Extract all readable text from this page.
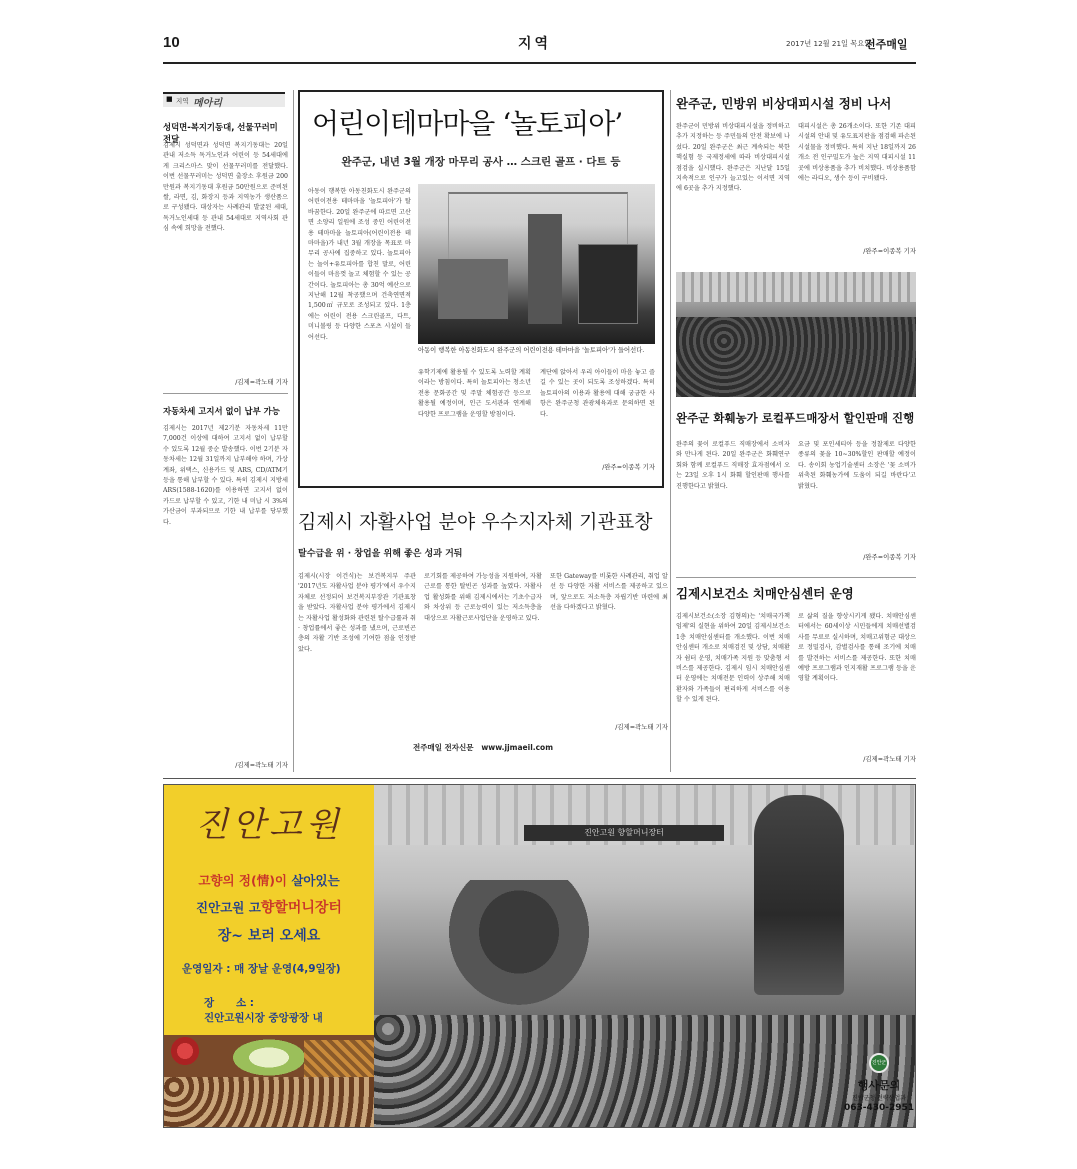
10	지역	2017년 12월 21일 목요일
전주매일
■ 지역 메아리
성덕면-복지기동대, 선물꾸러미 전달
김제시 성덕면과 성덕면 복지기동대는 20일 관내 저소득 독거노인과 어린이 등 54세대에게 크리스마스 맞이 선물꾸러미를 전달했다. 이번 선물꾸러미는 성덕면 출장소 후원금 200만원과 복지기동대 후원금 50만원으로 준비된 쌀, 라면, 김, 화장지 등과 지역농가 생산품으로 구성됐다. 대상자는 사례관리 발굴된 세대, 독거노인세대 등 관내 54세대로 지역사회 관심 속에 희망을 전했다.
/김제=곽노태 기자
자동차세 고지서 없이 납부 가능
김제시는 2017년 제2기분 자동차세 11만7,000건 이상에 대하여 고지서 없이 납부할 수 있도록 12월 중순 발송했다. 이번 2기분 자동차세는 12월 31일까지 납부해야 하며, 가상계좌, 위택스, 신용카드 및 ARS, CD/ATM기 등을 통해 납부할 수 있다. 특히 김제시 지방세 ARS(1588-1620)를 이용하면 고지서 없이 카드로 납부할 수 있고, 기한 내 미납 시 3%의 가산금이 부과되므로 기한 내 납부를 당부했다.
/김제=곽노태 기자
어린이테마마을 ‘놀토피아’
완주군, 내년 3월 개장 마무리 공사 … 스크린 골프 · 다트 등
아동이 행복한 아동친화도시 완주군의 어린이전용 테마마을 '놀토피아'가 탈바꿈한다. 20일 완주군에 따르면 고산면 소양리 일원에 조성 중인 어린이전용 테마마을 놀토피아(어린이전용 테마마을)가 내년 3월 개장을 목표로 마무리 공사에 집중하고 있다. 놀토피아는 놀이+유토피아를 합친 말로, 어린이들이 마음껏 놀고 체험할 수 있는 공간이다. 놀토피아는 총 30억 예산으로 지난해 12월 착공했으며 건축연면적 1,500㎡ 규모로 조성되고 있다. 1층에는 어린이 전용 스크린골프, 다트, 미니볼링 등 다양한 스포츠 시설이 들어선다.
아동이 행복한 아동친화도시 완주군의 어린이전용 테마마을 '놀토피아'가 들어선다.
유학기제에 활용될 수 있도록 노력할 계획이라는 방침이다. 특히 놀토피아는 청소년 전용 문화공간 및 주말 체험공간 등으로 활용될 예정이며, 인근 도서관과 연계해 다양한 프로그램을 운영할 방침이다.
계단에 앉아서 우리 아이들이 마음 놓고 즐길 수 있는 곳이 되도록 조성하겠다. 특히 놀토피아의 이용과 활용에 대해 궁금한 사항은 완주군청 관광체육과로 문의하면 된다.
/완주=이종복 기자
김제시 자활사업 분야 우수지자체 기관표창
탈수급을 위 · 창업을 위해 좋은 성과 거둬
김제시(시장 이건식)는 보건복지부 주관 '2017년도 자활사업 분야 평가'에서 우수지자체로 선정되어 보건복지부장관 기관표창을 받았다. 자활사업 분야 평가에서 김제시는 자활사업 활성화와 관련된 탈수급률과 취 · 창업률에서 좋은 성과를 냈으며, 근로빈곤층의 자활 기반 조성에 기여한 점을 인정받았다.
로기회를 제공하여 가능성을 지원하여, 자활근로를 통한 탈빈곤 성과를 높였다. 자활사업 활성화를 위해 김제시에서는 기초수급자와 차상위 등 근로능력이 있는 저소득층을 대상으로 자활근로사업단을 운영하고 있다.
또한 Gateway를 비롯한 사례관리, 취업 알선 등 다양한 자활 서비스를 제공하고 있으며, 앞으로도 저소득층 자립기반 마련에 최선을 다하겠다고 밝혔다.
/김제=곽노태 기자
전주매일 전자신문   www.jjmaeil.com
완주군, 민방위 비상대피시설 정비 나서
완주군이 민방위 비상대피시설을 정비하고 추가 지정하는 등 주민들의 안전 확보에 나섰다. 20일 완주군은 최근 계속되는 북한 핵실험 등 국제정세에 따라 비상대피시설 점검을 실시했다. 완주군은 지난달 15일 지속적으로 인구가 늘고있는 이서면 지역에 6곳을 추가 지정했다.
대피시설은 총 26개소이다. 또한 기존 대피시설의 안내 및 유도표지판을 점검해 파손된 시설물을 정비했다. 특히 지난 18일까지 26개소 전 인구밀도가 높은 지역 대피시설 11곳에 비상용품을 추가 비치했다. 비상용품함에는 라디오, 생수 등이 구비됐다.
/완주=이종복 기자
완주군 화훼농가 로컬푸드매장서 할인판매 진행
완주의 꽃이 로컬푸드 직매장에서 소비자와 만나게 된다. 20일 완주군은 화훼연구회와 함께 로컬푸드 직매장 효자점에서 오는 23일 오후 1시 화훼 할인판매 행사를 진행한다고 밝혔다.
요금 및 포인세티아 등을 정찰제로 다양한 종류의 꽃을 10~30%할인 판매할 예정이다. 송이회 농업기술센터 소장은 '꽃 소비가 위축된 화훼농가에 도움이 되길 바란다'고 밝혔다.
/완주=이종복 기자
김제시보건소 치매안심센터 운영
김제시보건소(소장 김형의)는 '치매국가책임제'의 실현을 위하여 20일 김제시보건소 1층 치매안심센터를 개소했다. 이번 치매안심센터 개소로 치매검진 및 상담, 치매환자 쉼터 운영, 치매가족 지원 등 맞춤형 서비스를 제공한다. 김제시 임시 치매안심센터 운영에는 치매전문 인력이 상주해 치매환자와 가족들이 편리하게 서비스를 이용할 수 있게 된다.
로 삶의 질을 향상시키게 됐다. 치매안심센터에서는 60세이상 시민들에게 치매선별검사를 무료로 실시하며, 치매고위험군 대상으로 정밀검사, 감별검사를 통해 조기에 치매를 발견하는 서비스를 제공한다. 또한 치매 예방 프로그램과 인지재활 프로그램 등을 운영할 계획이다.
/김제=곽노태 기자
진안고원
고향의 정(情)이 살아있는
진안고원 고향할머니장터
장~ 보러 오세요
운영일자 : 매 장날 운영(4,9일장)

장      소 :
진안고원시장 중앙광장 내

진안고원 향할머니장터
진안군
행사문의
진안군청 전략산업과
063-430-2951
